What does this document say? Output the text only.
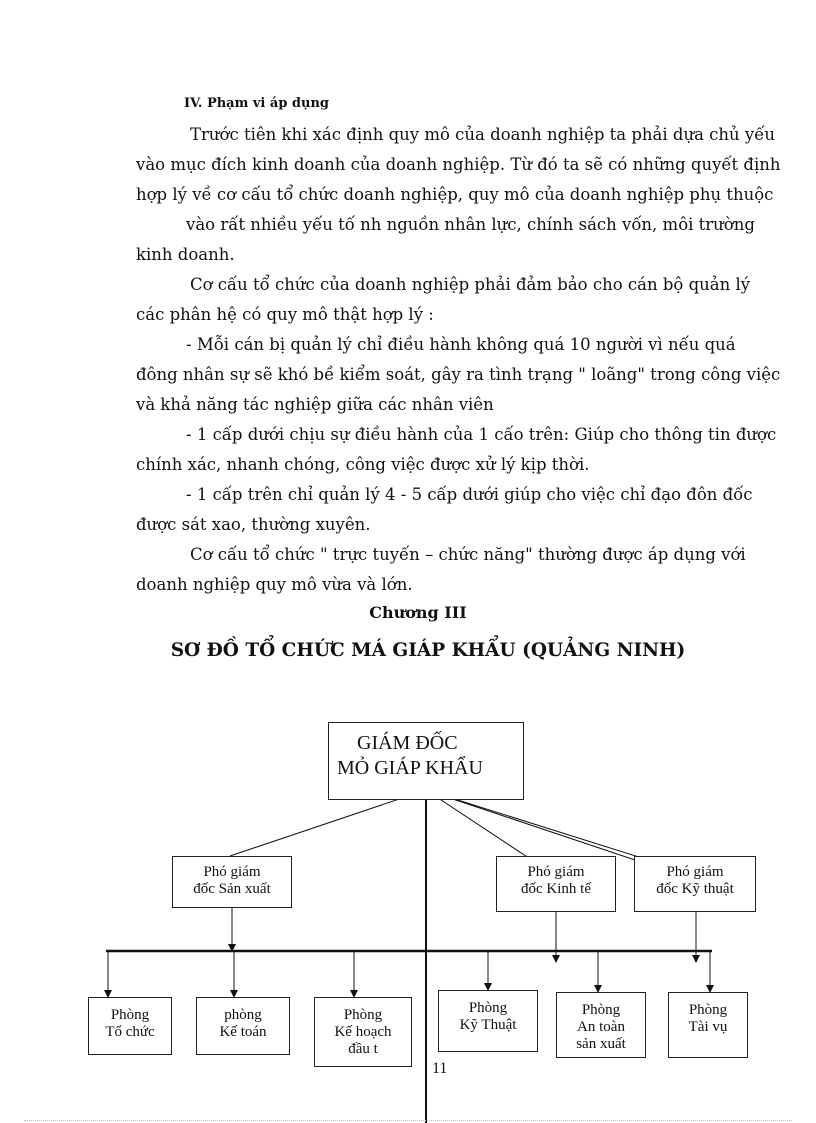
IV. Phạm vi áp dụng
Trước tiên khi xác định quy mô của doanh nghiệp ta phải dựa chủ yếu
vào mục đích kinh doanh của doanh nghiệp. Từ đó ta sẽ có những quyết định
hợp lý về cơ cấu tổ chức doanh nghiệp, quy mô của doanh nghiệp phụ thuộc
vào rất nhiều yếu tố nh nguồn nhân lực, chính sách vốn, môi trường
kinh doanh.
Cơ cấu tổ chức của doanh nghiệp phải đảm bảo cho cán bộ quản lý
các phân hệ có quy mô thật hợp lý :
- Mỗi cán bị quản lý chỉ điều hành không quá 10 người vì nếu quá
đông nhân sự sẽ khó bề kiểm soát, gây ra tình trạng " loãng" trong công việc
và khả năng tác nghiệp giữa các nhân viên
- 1 cấp dưới chịu sự điều hành của 1 cấo trên: Giúp cho thông tin được
chính xác, nhanh chóng, công việc được xử lý kịp thời.
- 1 cấp trên chỉ quản lý 4 - 5 cấp dưới giúp cho việc chỉ đạo đôn đốc
được sát xao, thường xuyên.
Cơ cấu tổ chức " trực tuyến – chức năng" thường được áp dụng với
doanh nghiệp quy mô vừa và lớn.
Chương III
SƠ ĐỒ TỔ CHỨC MÁ GIÁP KHẨU (QUẢNG NINH)
GIÁM ĐỐC
MỎ GIÁP KHẨU
Phó giám
đốc Sản xuất
Phó giám
đốc Kinh tế
Phó giám
đốc Kỹ thuật
Phòng
Tổ chức
phòng
Kế toán
Phòng
Kế hoạch
đầu t
Phòng
Kỹ Thuật
Phòng
An toàn
sản xuất
Phòng
Tài vụ
11
